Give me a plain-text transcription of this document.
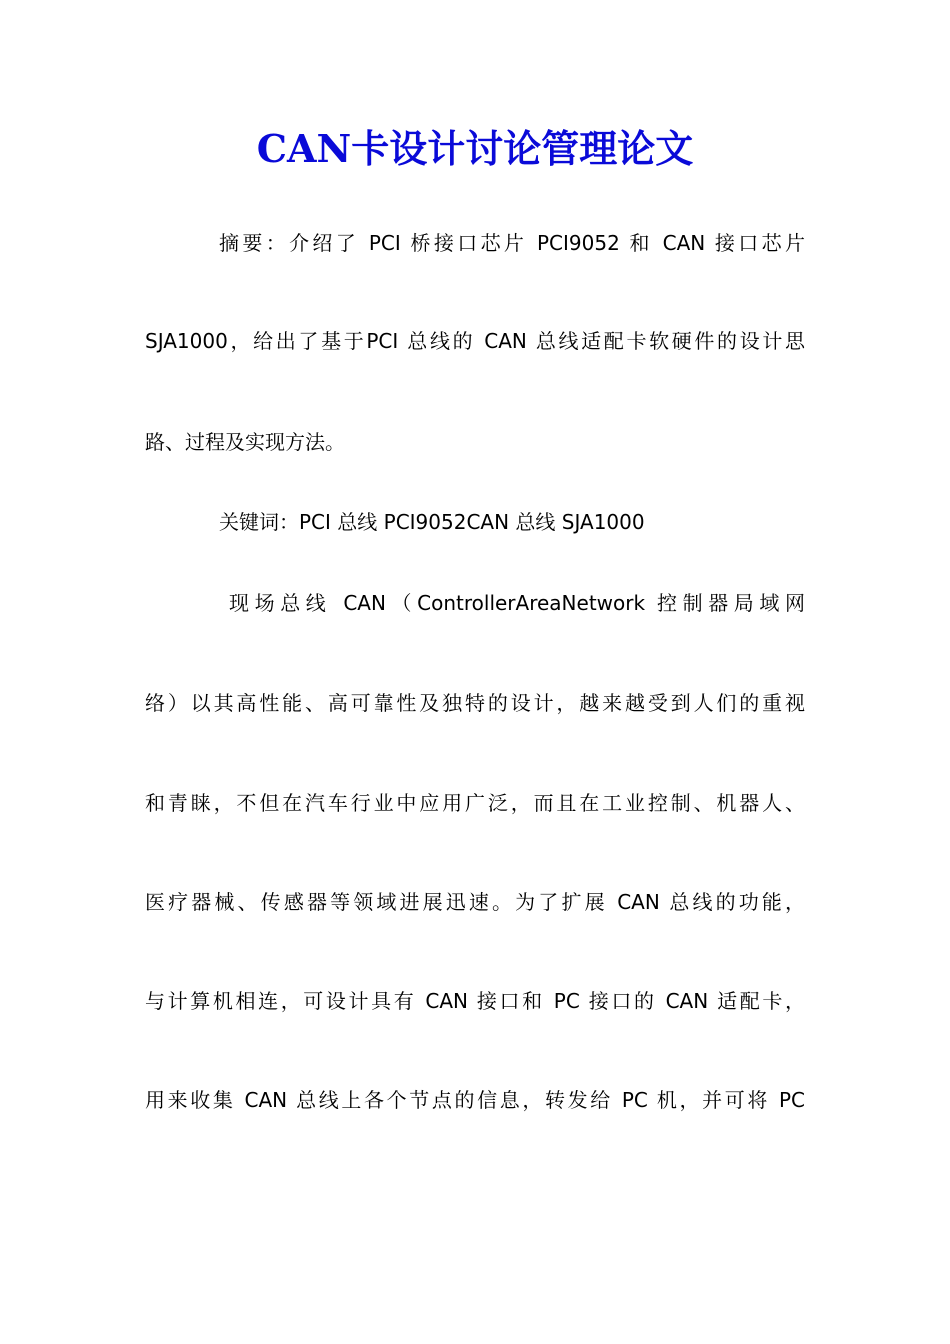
CAN卡设计讨论管理论文
摘要：介绍了 PCI 桥接口芯片 PCI9052 和 CAN 接口芯片
SJA1000，给出了基于PCI 总线的 CAN 总线适配卡软硬件的设计思
路、过程及实现方法。
关键词：PCI 总线 PCI9052CAN 总线 SJA1000
现场总线 CAN（ControllerAreaNetwork 控制器局域网
络）以其高性能、高可靠性及独特的设计，越来越受到人们的重视
和青睐，不但在汽车行业中应用广泛，而且在工业控制、机器人、
医疗器械、传感器等领域进展迅速。为了扩展 CAN 总线的功能，
与计算机相连，可设计具有 CAN 接口和 PC 接口的 CAN 适配卡，
用来收集 CAN 总线上各个节点的信息，转发给 PC 机，并可将 PC
